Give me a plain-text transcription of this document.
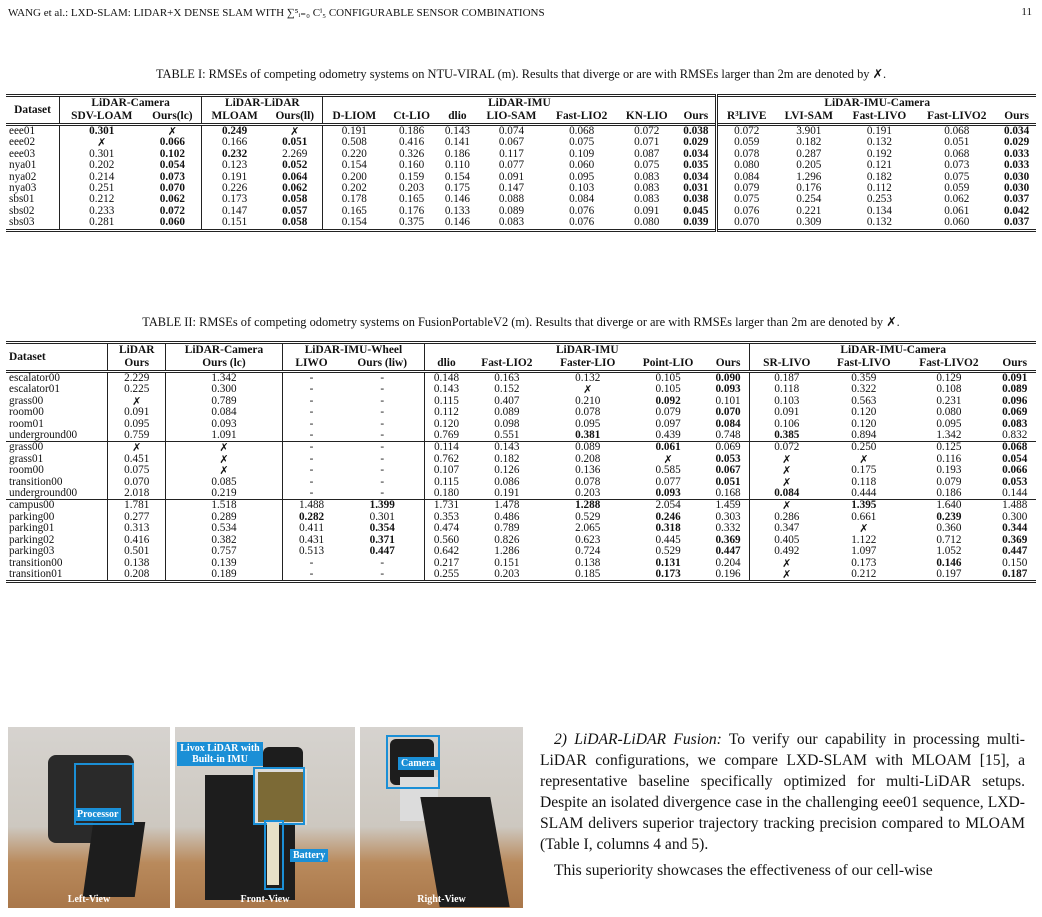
WANG et al.: LXD-SLAM: LIDAR+X DENSE SLAM WITH ∑⁵ᵢ₌₀ Cⁱ₅ CONFIGURABLE SENSOR COMBINATIONS	11
TABLE I: RMSEs of competing odometry systems on NTU-VIRAL (m). Results that diverge or are with RMSEs larger than 2m are denoted by ✗.
Dataset	LiDAR-Camera		LiDAR-LiDAR		LiDAR-IMU							LiDAR-IMU-Camera				
	SDV-LOAM	Ours(lc)	MLOAM	Ours(ll)	D-LIOM	Ct-LIO	dlio	LIO-SAM	Fast-LIO2	KN-LIO	Ours	R³LIVE	LVI-SAM	Fast-LIVO	Fast-LIVO2	Ours
eee01	0.301	✗	0.249	✗	0.191	0.186	0.143	0.074	0.068	0.072	0.038	0.072	3.901	0.191	0.068	0.034
eee02	✗	0.066	0.166	0.051	0.508	0.416	0.141	0.067	0.075	0.071	0.029	0.059	0.182	0.132	0.051	0.029
eee03	0.301	0.102	0.232	2.269	0.220	0.326	0.186	0.117	0.109	0.087	0.034	0.078	0.287	0.192	0.068	0.033
nya01	0.202	0.054	0.123	0.052	0.154	0.160	0.110	0.077	0.060	0.075	0.035	0.080	0.205	0.121	0.073	0.033
nya02	0.214	0.073	0.191	0.064	0.200	0.159	0.154	0.091	0.095	0.083	0.034	0.084	1.296	0.182	0.075	0.030
nya03	0.251	0.070	0.226	0.062	0.202	0.203	0.175	0.147	0.103	0.083	0.031	0.079	0.176	0.112	0.059	0.030
sbs01	0.212	0.062	0.173	0.058	0.178	0.165	0.146	0.088	0.084	0.083	0.038	0.075	0.254	0.253	0.062	0.037
sbs02	0.233	0.072	0.147	0.057	0.165	0.176	0.133	0.089	0.076	0.091	0.045	0.076	0.221	0.134	0.061	0.042
sbs03	0.281	0.060	0.151	0.058	0.154	0.375	0.146	0.083	0.076	0.080	0.039	0.070	0.309	0.132	0.060	0.037
TABLE II: RMSEs of competing odometry systems on FusionPortableV2 (m). Results that diverge or are with RMSEs larger than 2m are denoted by ✗.
Dataset	LiDAR	LiDAR-Camera	LiDAR-IMU-Wheel		LiDAR-IMU					LiDAR-IMU-Camera			
	Ours	Ours (lc)	LIWO	Ours (liw)	dlio	Fast-LIO2	Faster-LIO	Point-LIO	Ours	SR-LIVO	Fast-LIVO	Fast-LIVO2	Ours
escalator00	2.229	1.342	-	-	0.148	0.163	0.132	0.105	0.090	0.187	0.359	0.129	0.091
escalator01	0.225	0.300	-	-	0.143	0.152	✗	0.105	0.093	0.118	0.322	0.108	0.089
grass00	✗	0.789	-	-	0.115	0.407	0.210	0.092	0.101	0.103	0.563	0.231	0.096
room00	0.091	0.084	-	-	0.112	0.089	0.078	0.079	0.070	0.091	0.120	0.080	0.069
room01	0.095	0.093	-	-	0.120	0.098	0.095	0.097	0.084	0.106	0.120	0.095	0.083
underground00	0.759	1.091	-	-	0.769	0.551	0.381	0.439	0.748	0.385	0.894	1.342	0.832
grass00	✗	✗	-	-	0.114	0.143	0.089	0.061	0.069	0.072	0.250	0.125	0.068
grass01	0.451	✗	-	-	0.762	0.182	0.208	✗	0.053	✗	✗	0.116	0.054
room00	0.075	✗	-	-	0.107	0.126	0.136	0.585	0.067	✗	0.175	0.193	0.066
transition00	0.070	0.085	-	-	0.115	0.086	0.078	0.077	0.051	✗	0.118	0.079	0.053
underground00	2.018	0.219	-	-	0.180	0.191	0.203	0.093	0.168	0.084	0.444	0.186	0.144
campus00	1.781	1.518	1.488	1.399	1.731	1.478	1.288	2.054	1.459	✗	1.395	1.640	1.488
parking00	0.277	0.289	0.282	0.301	0.353	0.486	0.529	0.246	0.303	0.286	0.661	0.239	0.300
parking01	0.313	0.534	0.411	0.354	0.474	0.789	2.065	0.318	0.332	0.347	✗	0.360	0.344
parking02	0.416	0.382	0.431	0.371	0.560	0.826	0.623	0.445	0.369	0.405	1.122	0.712	0.369
parking03	0.501	0.757	0.513	0.447	0.642	1.286	0.724	0.529	0.447	0.492	1.097	1.052	0.447
transition00	0.138	0.139	-	-	0.217	0.151	0.138	0.131	0.204	✗	0.173	0.146	0.150
transition01	0.208	0.189	-	-	0.255	0.203	0.185	0.173	0.196	✗	0.212	0.197	0.187
Processor
Left-View
Livox LiDAR with Built-in IMU
Battery
Front-View
Camera
Right-View

2) LiDAR-LiDAR Fusion: To verify our capability in processing multi-LiDAR configurations, we compare LXD-SLAM with MLOAM [15], a representative baseline specifically optimized for multi-LiDAR setups. Despite an isolated divergence case in the challenging eee01 sequence, LXD-SLAM delivers superior trajectory tracking precision compared to MLOAM (Table I, columns 4 and 5).

This superiority showcases the effectiveness of our cell-wise
